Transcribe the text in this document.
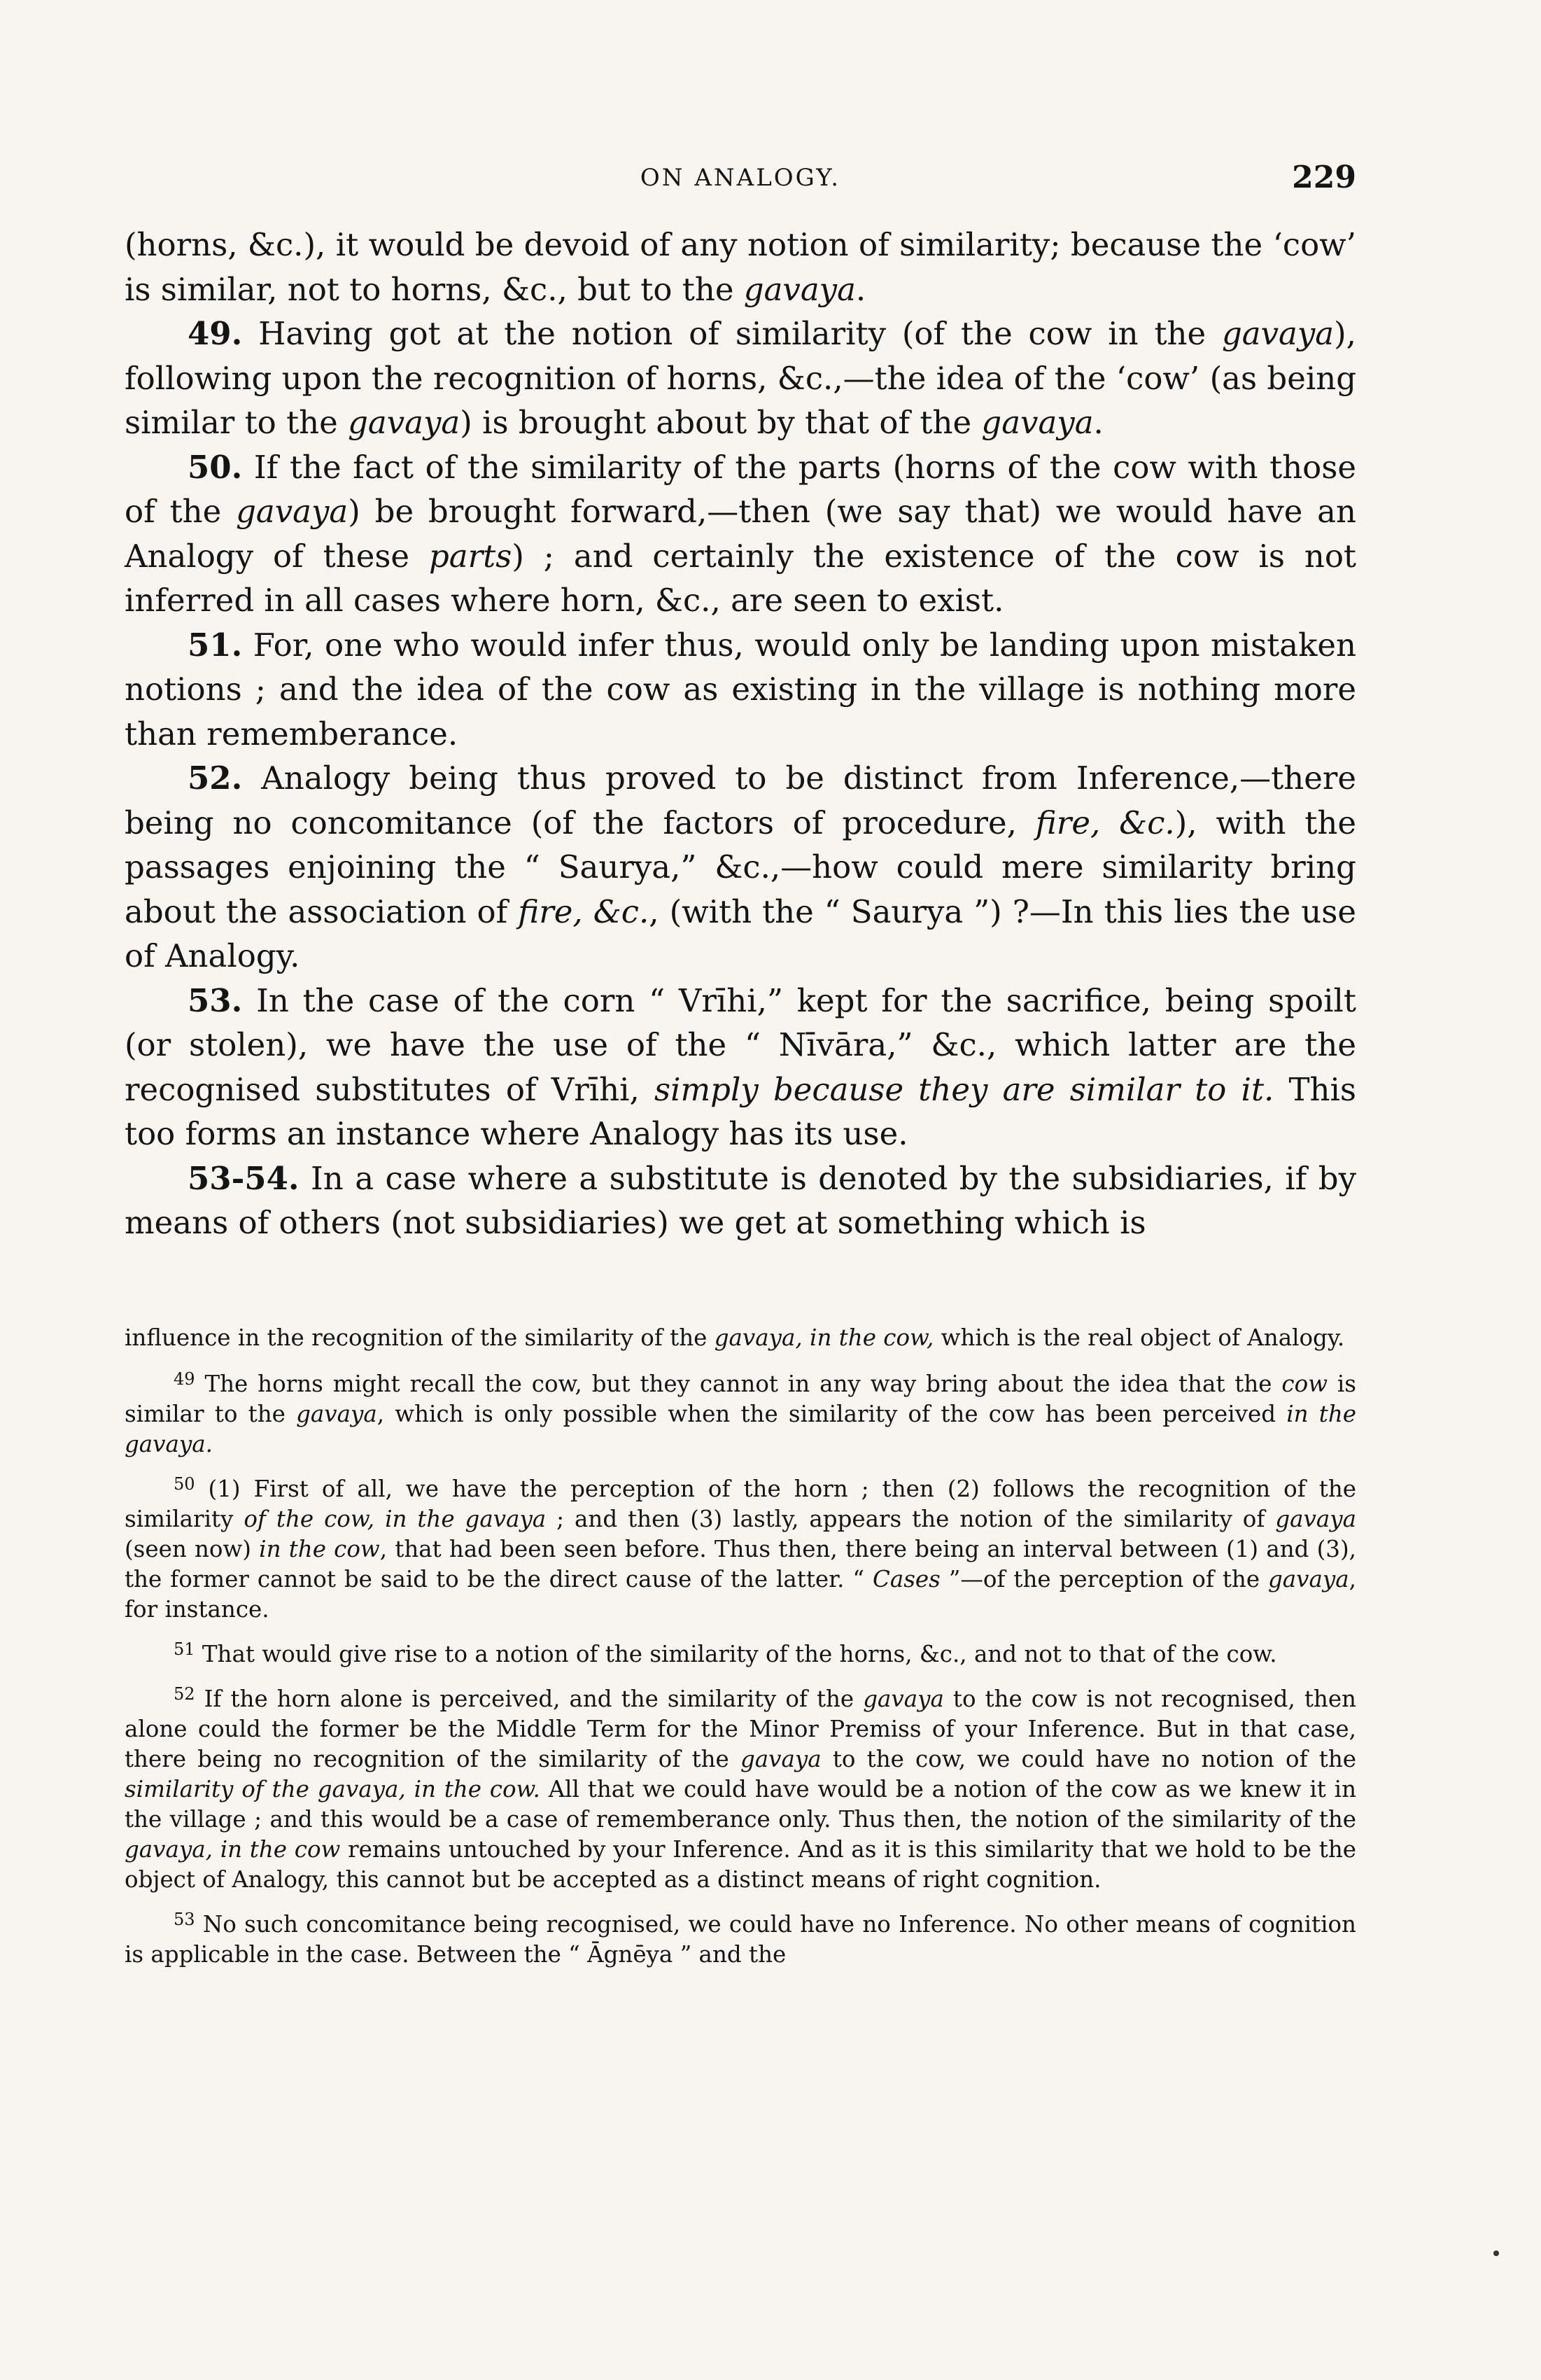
ON ANALOGY.	229

(horns, &c.), it would be devoid of any notion of similarity; because the ‘cow’ is similar, not to horns, &c., but to the gavaya.

49. Having got at the notion of similarity (of the cow in the gavaya), following upon the recognition of horns, &c.,—the idea of the ‘cow’ (as being similar to the gavaya) is brought about by that of the gavaya.

50. If the fact of the similarity of the parts (horns of the cow with those of the gavaya) be brought forward,—then (we say that) we would have an Analogy of these parts) ; and certainly the existence of the cow is not inferred in all cases where horn, &c., are seen to exist.

51. For, one who would infer thus, would only be landing upon mistaken notions ; and the idea of the cow as existing in the village is nothing more than rememberance.

52. Analogy being thus proved to be distinct from Inference,—there being no concomitance (of the factors of procedure, fire, &c.), with the passages enjoining the “ Saurya,” &c.,—how could mere similarity bring about the association of fire, &c., (with the “ Saurya ”) ?—In this lies the use of Analogy.

53. In the case of the corn “ Vrīhi,” kept for the sacrifice, being spoilt (or stolen), we have the use of the “ Nīvāra,” &c., which latter are the recognised substitutes of Vrīhi, simply because they are similar to it. This too forms an instance where Analogy has its use.

53-54. In a case where a substitute is denoted by the subsidiaries, if by means of others (not subsidiaries) we get at something which is

influence in the recognition of the similarity of the gavaya, in the cow, which is the real object of Analogy.

$^{49}$ The horns might recall the cow, but they cannot in any way bring about the idea that the cow is similar to the gavaya, which is only possible when the similarity of the cow has been perceived in the gavaya.

$^{50}$ (1) First of all, we have the perception of the horn ; then (2) follows the recognition of the similarity of the cow, in the gavaya ; and then (3) lastly, appears the notion of the similarity of gavaya (seen now) in the cow, that had been seen before. Thus then, there being an interval between (1) and (3), the former cannot be said to be the direct cause of the latter. “ Cases ”—of the perception of the gavaya, for instance.

$^{51}$ That would give rise to a notion of the similarity of the horns, &c., and not to that of the cow.

$^{52}$ If the horn alone is perceived, and the similarity of the gavaya to the cow is not recognised, then alone could the former be the Middle Term for the Minor Premiss of your Inference. But in that case, there being no recognition of the similarity of the gavaya to the cow, we could have no notion of the similarity of the gavaya, in the cow. All that we could have would be a notion of the cow as we knew it in the village ; and this would be a case of rememberance only. Thus then, the notion of the similarity of the gavaya, in the cow remains untouched by your Inference. And as it is this similarity that we hold to be the object of Analogy, this cannot but be accepted as a distinct means of right cognition.

$^{53}$ No such concomitance being recognised, we could have no Inference. No other means of cognition is applicable in the case. Between the “ Āgnēya ” and the
